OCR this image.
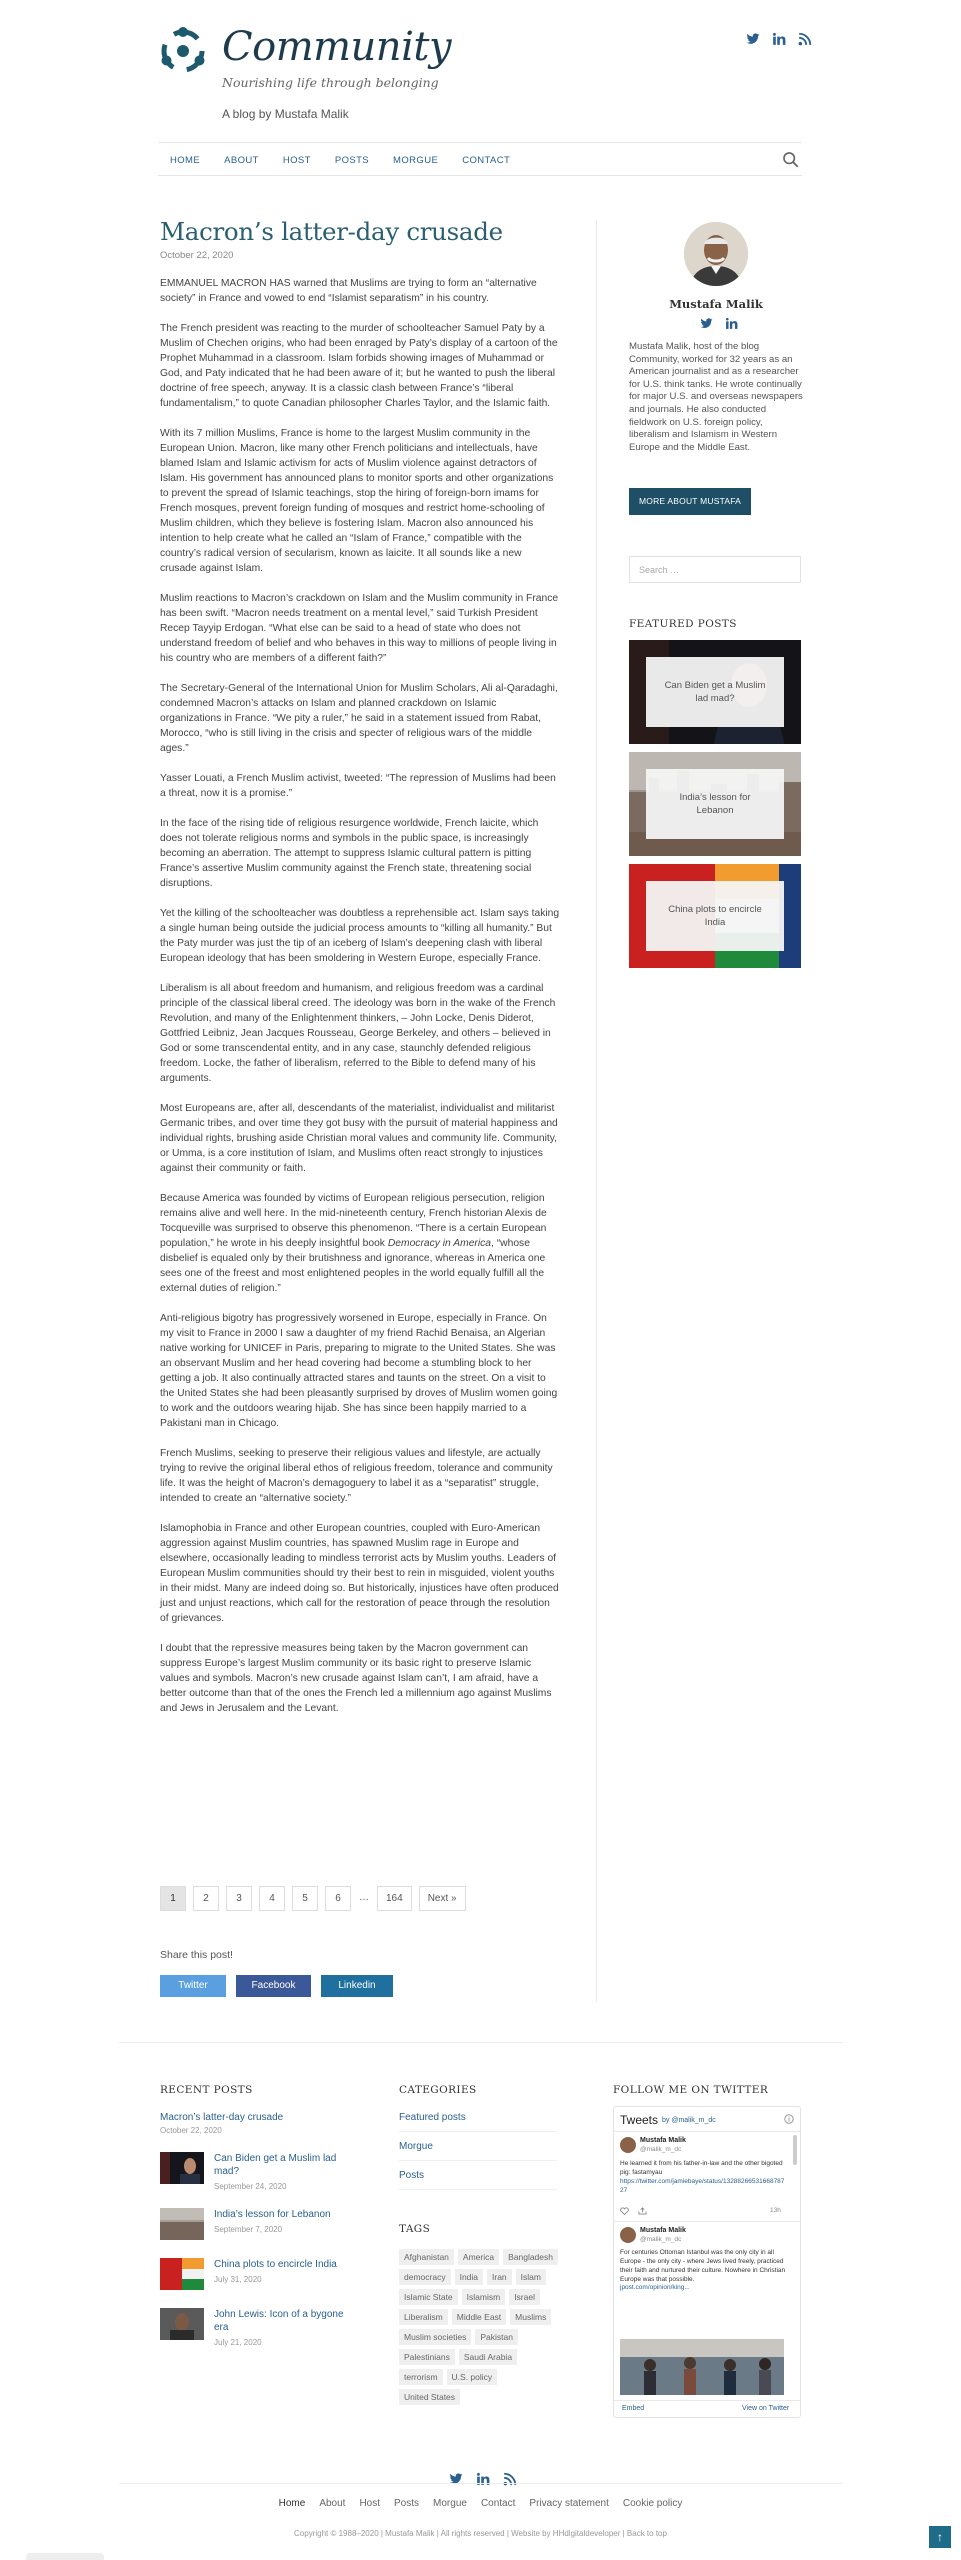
Community
Nourishing life through belonging
A blog by Mustafa Malik
HOME	ABOUT	HOST	POSTS	MORGUE	CONTACT
Macron’s latter-day crusade
October 22, 2020

EMMANUEL MACRON HAS warned that Muslims are trying to form an “alternative society” in France and vowed to end “Islamist separatism” in his country.

The French president was reacting to the murder of schoolteacher Samuel Paty by a Muslim of Chechen origins, who had been enraged by Paty’s display of a cartoon of the Prophet Muhammad in a classroom. Islam forbids showing images of Muhammad or God, and Paty indicated that he had been aware of it; but he wanted to push the liberal doctrine of free speech, anyway. It is a classic clash between France’s “liberal fundamentalism,” to quote Canadian philosopher Charles Taylor, and the Islamic faith.

With its 7 million Muslims, France is home to the largest Muslim community in the European Union. Macron, like many other French politicians and intellectuals, have blamed Islam and Islamic activism for acts of Muslim violence against detractors of Islam. His government has announced plans to monitor sports and other organizations to prevent the spread of Islamic teachings, stop the hiring of foreign-born imams for French mosques, prevent foreign funding of mosques and restrict home-schooling of Muslim children, which they believe is fostering Islam. Macron also announced his intention to help create what he called an “Islam of France,” compatible with the country’s radical version of secularism, known as laicite. It all sounds like a new crusade against Islam.

Muslim reactions to Macron’s crackdown on Islam and the Muslim community in France has been swift. “Macron needs treatment on a mental level,” said Turkish President Recep Tayyip Erdogan. “What else can be said to a head of state who does not understand freedom of belief and who behaves in this way to millions of people living in his country who are members of a different faith?”

The Secretary-General of the International Union for Muslim Scholars, Ali al-Qaradaghi, condemned Macron’s attacks on Islam and planned crackdown on Islamic organizations in France. “We pity a ruler,” he said in a statement issued from Rabat, Morocco, “who is still living in the crisis and specter of religious wars of the middle ages.”

Yasser Louati, a French Muslim activist, tweeted: “The repression of Muslims had been a threat, now it is a promise.”

In the face of the rising tide of religious resurgence worldwide, French laicite, which does not tolerate religious norms and symbols in the public space, is increasingly becoming an aberration. The attempt to suppress Islamic cultural pattern is pitting France’s assertive Muslim community against the French state, threatening social disruptions.

Yet the killing of the schoolteacher was doubtless a reprehensible act. Islam says taking a single human being outside the judicial process amounts to “killing all humanity.” But the Paty murder was just the tip of an iceberg of Islam’s deepening clash with liberal European ideology that has been smoldering in Western Europe, especially France.

Liberalism is all about freedom and humanism, and religious freedom was a cardinal principle of the classical liberal creed. The ideology was born in the wake of the French Revolution, and many of the Enlightenment thinkers, – John Locke, Denis Diderot, Gottfried Leibniz, Jean Jacques Rousseau, George Berkeley, and others – believed in God or some transcendental entity, and in any case, staunchly defended religious freedom. Locke, the father of liberalism, referred to the Bible to defend many of his arguments.

Most Europeans are, after all, descendants of the materialist, individualist and militarist Germanic tribes, and over time they got busy with the pursuit of material happiness and individual rights, brushing aside Christian moral values and community life. Community, or Umma, is a core institution of Islam, and Muslims often react strongly to injustices against their community or faith.

Because America was founded by victims of European religious persecution, religion remains alive and well here. In the mid-nineteenth century, French historian Alexis de Tocqueville was surprised to observe this phenomenon. “There is a certain European population,” he wrote in his deeply insightful book Democracy in America, “whose disbelief is equaled only by their brutishness and ignorance, whereas in America one sees one of the freest and most enlightened peoples in the world equally fulfill all the external duties of religion.”

Anti-religious bigotry has progressively worsened in Europe, especially in France. On my visit to France in 2000 I saw a daughter of my friend Rachid Benaisa, an Algerian native working for UNICEF in Paris, preparing to migrate to the United States. She was an observant Muslim and her head covering had become a stumbling block to her getting a job. It also continually attracted stares and taunts on the street. On a visit to the United States she had been pleasantly surprised by droves of Muslim women going to work and the outdoors wearing hijab. She has since been happily married to a Pakistani man in Chicago.

French Muslims, seeking to preserve their religious values and lifestyle, are actually trying to revive the original liberal ethos of religious freedom, tolerance and community life. It was the height of Macron’s demagoguery to label it as a “separatist” struggle, intended to create an “alternative society.”

Islamophobia in France and other European countries, coupled with Euro-American aggression against Muslim countries, has spawned Muslim rage in Europe and elsewhere, occasionally leading to mindless terrorist acts by Muslim youths. Leaders of European Muslim communities should try their best to rein in misguided, violent youths in their midst. Many are indeed doing so. But historically, injustices have often produced just and unjust reactions, which call for the restoration of peace through the resolution of grievances.

I doubt that the repressive measures being taken by the Macron government can suppress Europe’s largest Muslim community or its basic right to preserve Islamic values and symbols. Macron’s new crusade against Islam can’t, I am afraid, have a better outcome than that of the ones the French led a millennium ago against Muslims and Jews in Jerusalem and the Levant.

1	2	3	4	5	6	…	164	Next »
Share this post!
Twitter	Facebook	Linkedin
Mustafa Malik
Mustafa Malik, host of the blog Community, worked for 32 years as an American journalist and as a researcher for U.S. think tanks. He wrote continually for major U.S. and overseas newspapers and journals. He also conducted fieldwork on U.S. foreign policy, liberalism and Islamism in Western Europe and the Middle East.
MORE ABOUT MUSTAFA
Search …
FEATURED POSTS
Can Biden get a Muslim lad mad?
India’s lesson for Lebanon
China plots to encircle India
RECENT POSTS
Macron’s latter-day crusade
October 22, 2020
Can Biden get a Muslim lad mad?
September 24, 2020
India’s lesson for Lebanon
September 7, 2020
China plots to encircle India
July 31, 2020
John Lewis: Icon of a bygone era
July 21, 2020
CATEGORIES
Featured posts
Morgue
Posts
TAGS
Afghanistan	America	Bangladesh
democracy	India	Iran	Islam
Islamic State	Islamism	Israel
Liberalism	Middle East	Muslims
Muslim societies	Pakistan
Palestinians	Saudi Arabia
terrorism	U.S. policy
United States
FOLLOW ME ON TWITTER
Tweets by @malik_m_dc
Mustafa Malik
@malik_m_dc
He learned it from his father-in-law and the other bigoted pig: fastamyau
https://twitter.com/jamiebaye/status/1328826653166878727
13h
Mustafa Malik
@malik_m_dc
For centuries Ottoman Istanbul was the only city in all Europe - the only city - where Jews lived freely, practiced their faith and nurtured their culture. Nowhere in Christian Europe was that possible.
jpost.com/opinion/king...
Embed	View on Twitter
Home About Host Posts Morgue Contact Privacy statement Cookie policy
Copyright © 1988–2020 | Mustafa Malik | All rights reserved | Website by HHdigitaldeveloper | Back to top	↑
